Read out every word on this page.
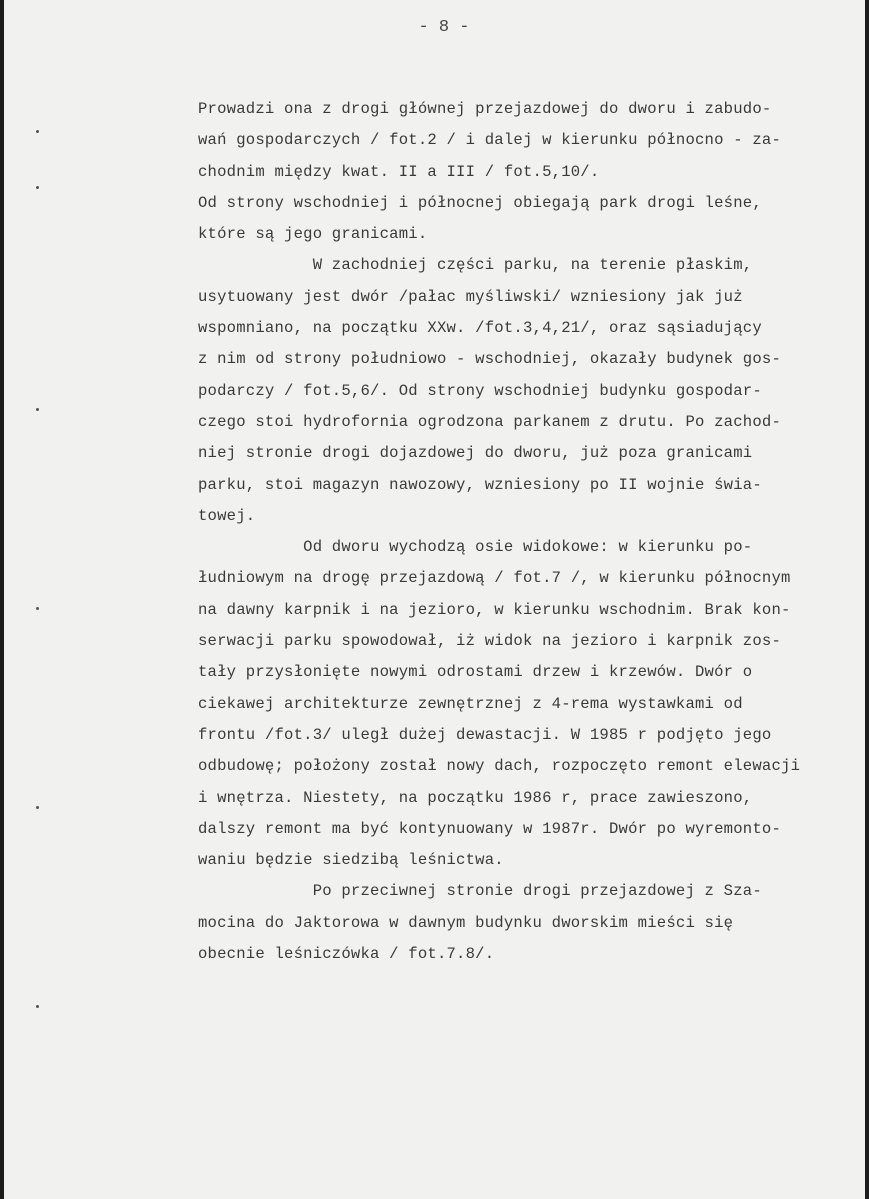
- 8 -
Prowadzi ona z drogi głównej przejazdowej do dworu i zabudo-
wań gospodarczych / fot.2 / i dalej w kierunku północno - za-
chodnim między kwat. II a III / fot.5,10/.
Od strony wschodniej i północnej obiegają park drogi leśne,
które są jego granicami.
W zachodniej części parku, na terenie płaskim,
usytuowany jest dwór /pałac myśliwski/ wzniesiony jak już
wspomniano, na początku XXw. /fot.3,4,21/, oraz sąsiadujący
z nim od strony południowo - wschodniej, okazały budynek gos-
podarczy / fot.5,6/. Od strony wschodniej budynku gospodar-
czego stoi hydrofornia ogrodzona parkanem z drutu. Po zachod-
niej stronie drogi dojazdowej do dworu, już poza granicami
parku, stoi magazyn nawozowy, wzniesiony po II wojnie świa-
towej.
Od dworu wychodzą osie widokowe: w kierunku po-
łudniowym na drogę przejazdową / fot.7 /, w kierunku północnym
na dawny karpnik i na jezioro, w kierunku wschodnim. Brak kon-
serwacji parku spowodował, iż widok na jezioro i karpnik zos-
tały przysłonięte nowymi odrostami drzew i krzewów. Dwór o
ciekawej architekturze zewnętrznej z 4-rema wystawkami od
frontu /fot.3/ uległ dużej dewastacji. W 1985 r podjęto jego
odbudowę; położony został nowy dach, rozpoczęto remont elewacji
i wnętrza. Niestety, na początku 1986 r, prace zawieszono,
dalszy remont ma być kontynuowany w 1987r. Dwór po wyremonto-
waniu będzie siedzibą leśnictwa.
Po przeciwnej stronie drogi przejazdowej z Sza-
mocina do Jaktorowa w dawnym budynku dworskim mieści się
obecnie leśniczówka / fot.7.8/.
